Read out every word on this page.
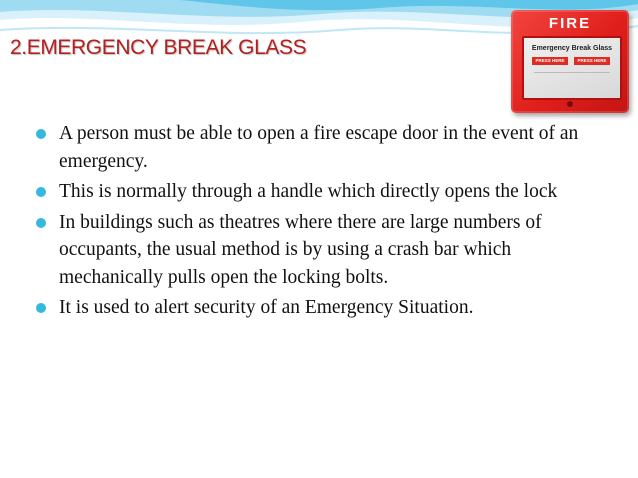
2.EMERGENCY BREAK GLASS
FIRE
Emergency Break Glass
PRESS HERE	PRESS HERE
A person must be able to open a fire escape door in the event of an emergency.
This is normally through a handle which directly opens the lock
In buildings such as theatres where there are large numbers of occupants, the usual method is by using a crash bar which mechanically pulls open the locking bolts.
It is used to alert security of an Emergency Situation.
